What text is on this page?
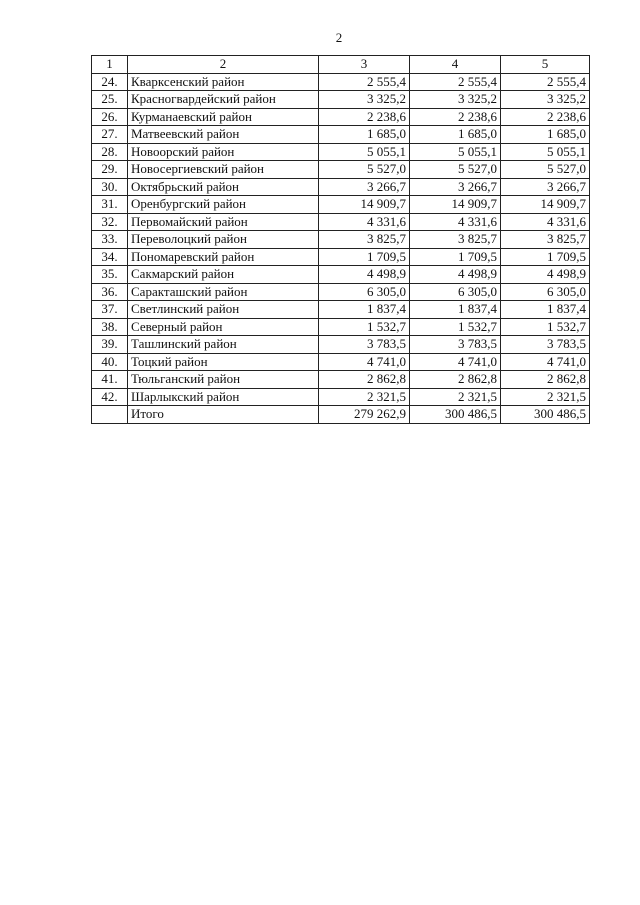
2
1	2	3	4	5
24.	Кварксенский район	2 555,4	2 555,4	2 555,4
25.	Красногвардейский район	3 325,2	3 325,2	3 325,2
26.	Курманаевский район	2 238,6	2 238,6	2 238,6
27.	Матвеевский район	1 685,0	1 685,0	1 685,0
28.	Новоорский район	5 055,1	5 055,1	5 055,1
29.	Новосергиевский район	5 527,0	5 527,0	5 527,0
30.	Октябрьский район	3 266,7	3 266,7	3 266,7
31.	Оренбургский район	14 909,7	14 909,7	14 909,7
32.	Первомайский район	4 331,6	4 331,6	4 331,6
33.	Переволоцкий район	3 825,7	3 825,7	3 825,7
34.	Пономаревский район	1 709,5	1 709,5	1 709,5
35.	Сакмарский район	4 498,9	4 498,9	4 498,9
36.	Саракташский район	6 305,0	6 305,0	6 305,0
37.	Светлинский район	1 837,4	1 837,4	1 837,4
38.	Северный район	1 532,7	1 532,7	1 532,7
39.	Ташлинский район	3 783,5	3 783,5	3 783,5
40.	Тоцкий район	4 741,0	4 741,0	4 741,0
41.	Тюльганский район	2 862,8	2 862,8	2 862,8
42.	Шарлыкский район	2 321,5	2 321,5	2 321,5
	Итого	279 262,9	300 486,5	300 486,5
